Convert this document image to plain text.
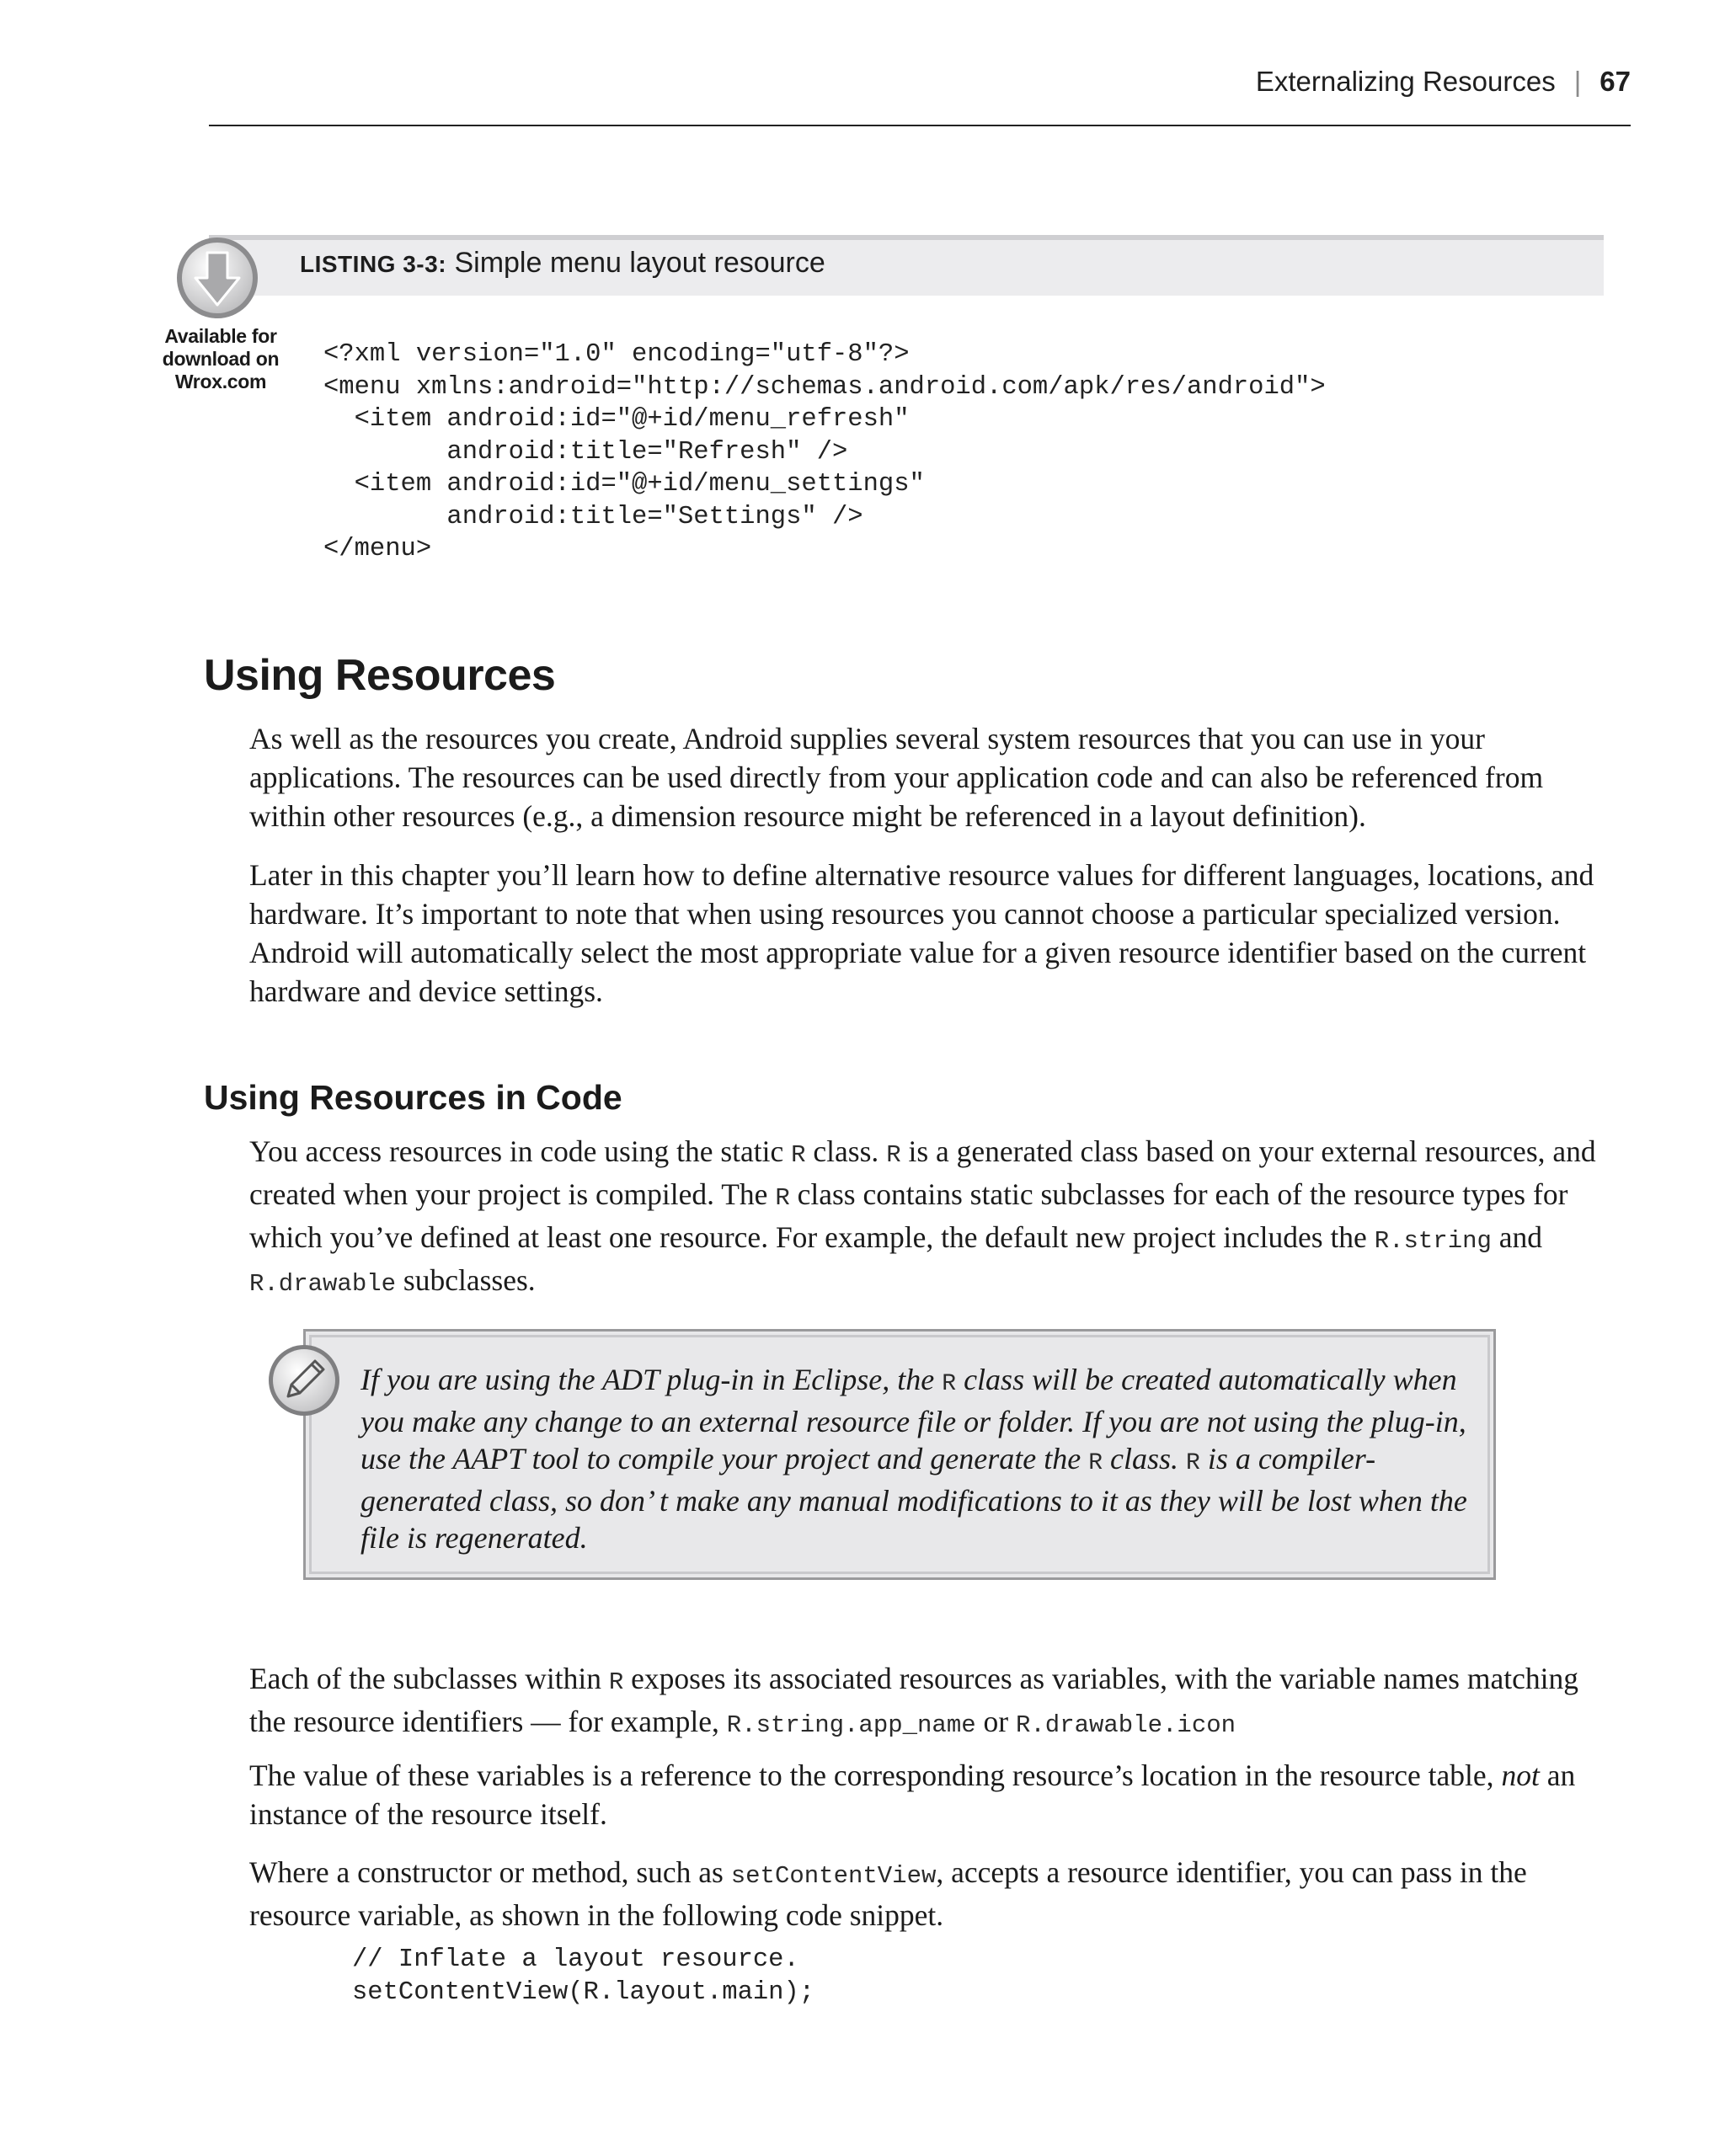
Externalizing Resources | 67
LISTING 3-3: Simple menu layout resource
Available for
download on
Wrox.com
<?xml version="1.0" encoding="utf-8"?>
<menu xmlns:android="http://schemas.android.com/apk/res/android">
<item android:id="@+id/menu_refresh"
android:title="Refresh" />
<item android:id="@+id/menu_settings"
android:title="Settings" />
</menu>
Using Resources

As well as the resources you create, Android supplies several system resources that you can use in your applications. The resources can be used directly from your application code and can also be referenced from within other resources (e.g., a dimension resource might be referenced in a layout definition).

Later in this chapter you’ll learn how to define alternative resource values for different languages, locations, and hardware. It’s important to note that when using resources you cannot choose a particular specialized version. Android will automatically select the most appropriate value for a given resource identifier based on the current hardware and device settings.

Using Resources in Code

You access resources in code using the static R class. R is a generated class based on your external resources, and created when your project is compiled. The R class contains static subclasses for each of the resource types for which you’ve defined at least one resource. For example, the default new project includes the R.string and R.drawable subclasses.

If you are using the ADT plug-in in Eclipse, the R class will be created automatically when you make any change to an external resource file or folder. If you are not using the plug-in, use the AAPT tool to compile your project and generate the R class. R is a compiler-generated class, so don’ t make any manual modifications to it as they will be lost when the file is regenerated.

Each of the subclasses within R exposes its associated resources as variables, with the variable names matching the resource identifiers — for example, R.string.app_name or R.drawable.icon

The value of these variables is a reference to the corresponding resource’s location in the resource table, not an instance of the resource itself.

Where a constructor or method, such as setContentView, accepts a resource identifier, you can pass in the resource variable, as shown in the following code snippet.

// Inflate a layout resource.
setContentView(R.layout.main);
